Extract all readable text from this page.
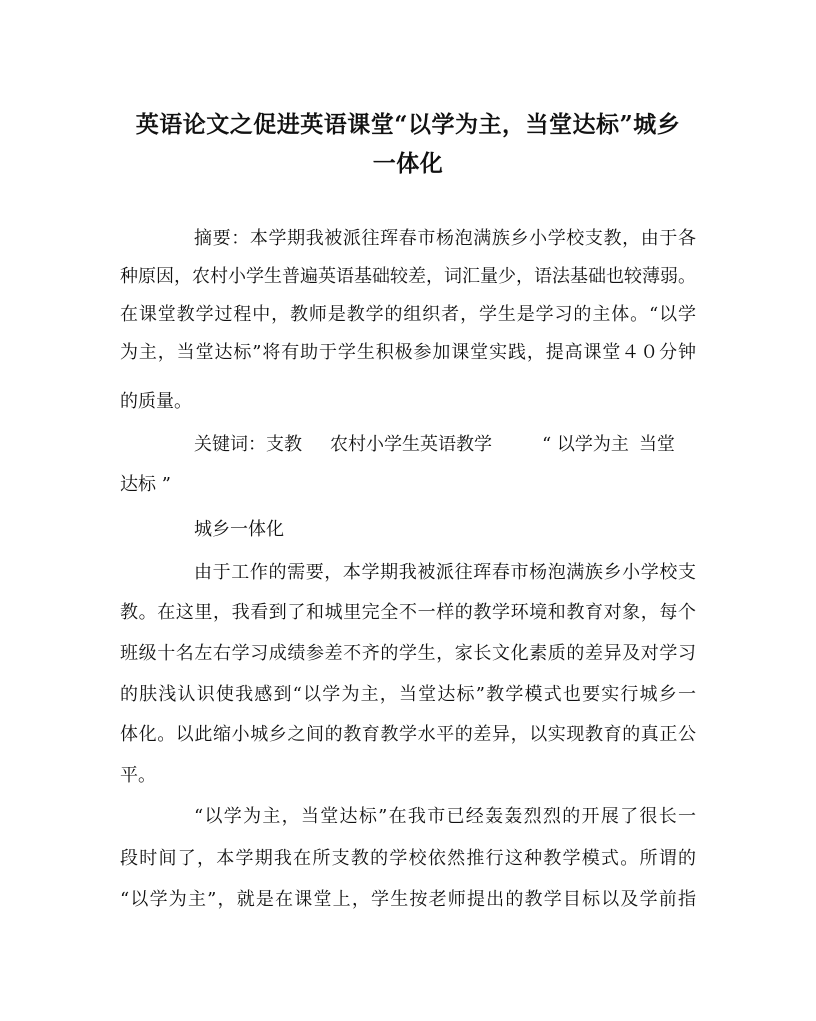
英语论文之促进英语课堂“以学为主，当堂达标”城乡
一体化

摘要：本学期我被派往珲春市杨泡满族乡小学校支教，由于各

种原因，农村小学生普遍英语基础较差，词汇量少，语法基础也较薄弱。

在课堂教学过程中，教师是教学的组织者，学生是学习的主体。“以学

为主，当堂达标”将有助于学生积极参加课堂实践，提高课堂４０分钟

的质量。

关键词：支教 农村小学生英语教学	“ 以学为主 当堂

达标 ”

城乡一体化

由于工作的需要，本学期我被派往珲春市杨泡满族乡小学校支

教。在这里，我看到了和城里完全不一样的教学环境和教育对象，每个

班级十名左右学习成绩参差不齐的学生，家长文化素质的差异及对学习

的肤浅认识使我感到“以学为主，当堂达标”教学模式也要实行城乡一

体化。以此缩小城乡之间的教育教学水平的差异，以实现教育的真正公

平。

“以学为主，当堂达标”在我市已经轰轰烈烈的开展了很长一

段时间了，本学期我在所支教的学校依然推行这种教学模式。所谓的

“以学为主”，就是在课堂上，学生按老师提出的教学目标以及学前指
